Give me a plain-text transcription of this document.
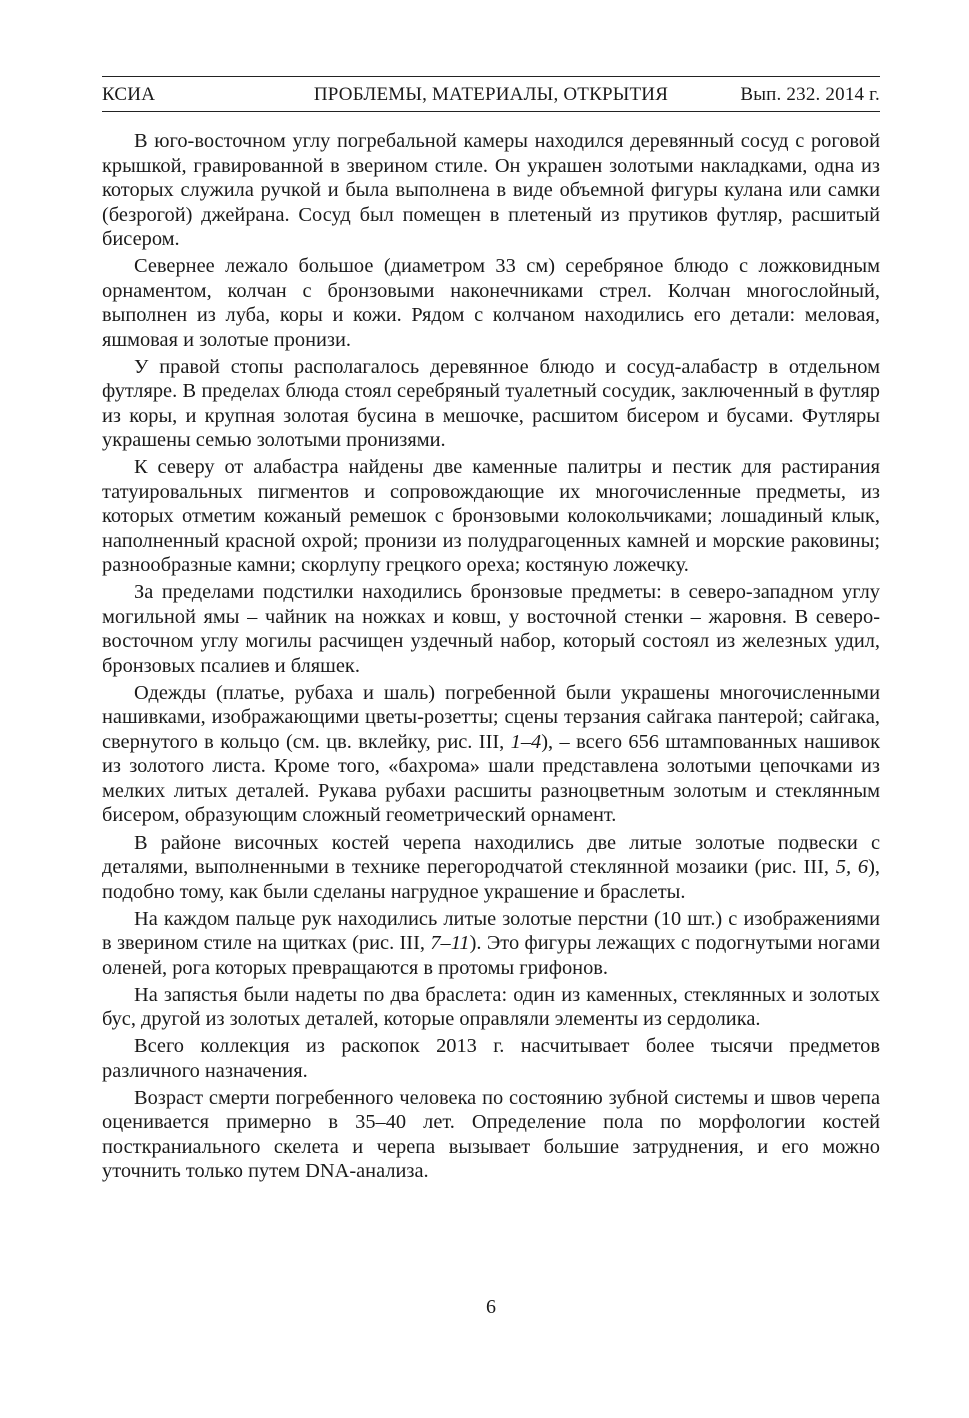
КСИА	ПРОБЛЕМЫ, МАТЕРИАЛЫ, ОТКРЫТИЯ	Вып. 232. 2014 г.

В юго-восточном углу погребальной камеры находился деревянный сосуд с роговой крышкой, гравированной в зверином стиле. Он украшен золотыми накладками, одна из которых служила ручкой и была выполнена в виде объемной фигуры кулана или самки (безрогой) джейрана. Сосуд был помещен в плетеный из прутиков футляр, расшитый бисером.

Севернее лежало большое (диаметром 33 см) серебряное блюдо с ложковидным орнаментом, колчан с бронзовыми наконечниками стрел. Колчан многослойный, выполнен из луба, коры и кожи. Рядом с колчаном находились его детали: меловая, яшмовая и золотые пронизи.

У правой стопы располагалось деревянное блюдо и сосуд-алабастр в отдельном футляре. В пределах блюда стоял серебряный туалетный сосудик, заключенный в футляр из коры, и крупная золотая бусина в мешочке, расшитом бисером и бусами. Футляры украшены семью золотыми пронизями.

К северу от алабастра найдены две каменные палитры и пестик для растирания татуировальных пигментов и сопровождающие их многочисленные предметы, из которых отметим кожаный ремешок с бронзовыми колокольчиками; лошадиный клык, наполненный красной охрой; пронизи из полудрагоценных камней и морские раковины; разнообразные камни; скорлупу грецкого ореха; костяную ложечку.

За пределами подстилки находились бронзовые предметы: в северо-западном углу могильной ямы – чайник на ножках и ковш, у восточной стенки – жаровня. В северо-восточном углу могилы расчищен уздечный набор, который состоял из железных удил, бронзовых псалиев и бляшек.

Одежды (платье, рубаха и шаль) погребенной были украшены многочисленными нашивками, изображающими цветы-розетты; сцены терзания сайгака пантерой; сайгака, свернутого в кольцо (см. цв. вклейку, рис. III, 1–4), – всего 656 штампованных нашивок из золотого листа. Кроме того, «бахрома» шали представлена золотыми цепочками из мелких литых деталей. Рукава рубахи расшиты разноцветным золотым и стеклянным бисером, образующим сложный геометрический орнамент.

В районе височных костей черепа находились две литые золотые подвески с деталями, выполненными в технике перегородчатой стеклянной мозаики (рис. III, 5, 6), подобно тому, как были сделаны нагрудное украшение и браслеты.

На каждом пальце рук находились литые золотые перстни (10 шт.) с изображениями в зверином стиле на щитках (рис. III, 7–11). Это фигуры лежащих с подогнутыми ногами оленей, рога которых превращаются в протомы грифонов.

На запястья были надеты по два браслета: один из каменных, стеклянных и золотых бус, другой из золотых деталей, которые оправляли элементы из сердолика.

Всего коллекция из раскопок 2013 г. насчитывает более тысячи предметов различного назначения.

Возраст смерти погребенного человека по состоянию зубной системы и швов черепа оценивается примерно в 35–40 лет. Определение пола по морфологии костей посткраниального скелета и черепа вызывает большие затруднения, и его можно уточнить только путем DNA-анализа.

6
